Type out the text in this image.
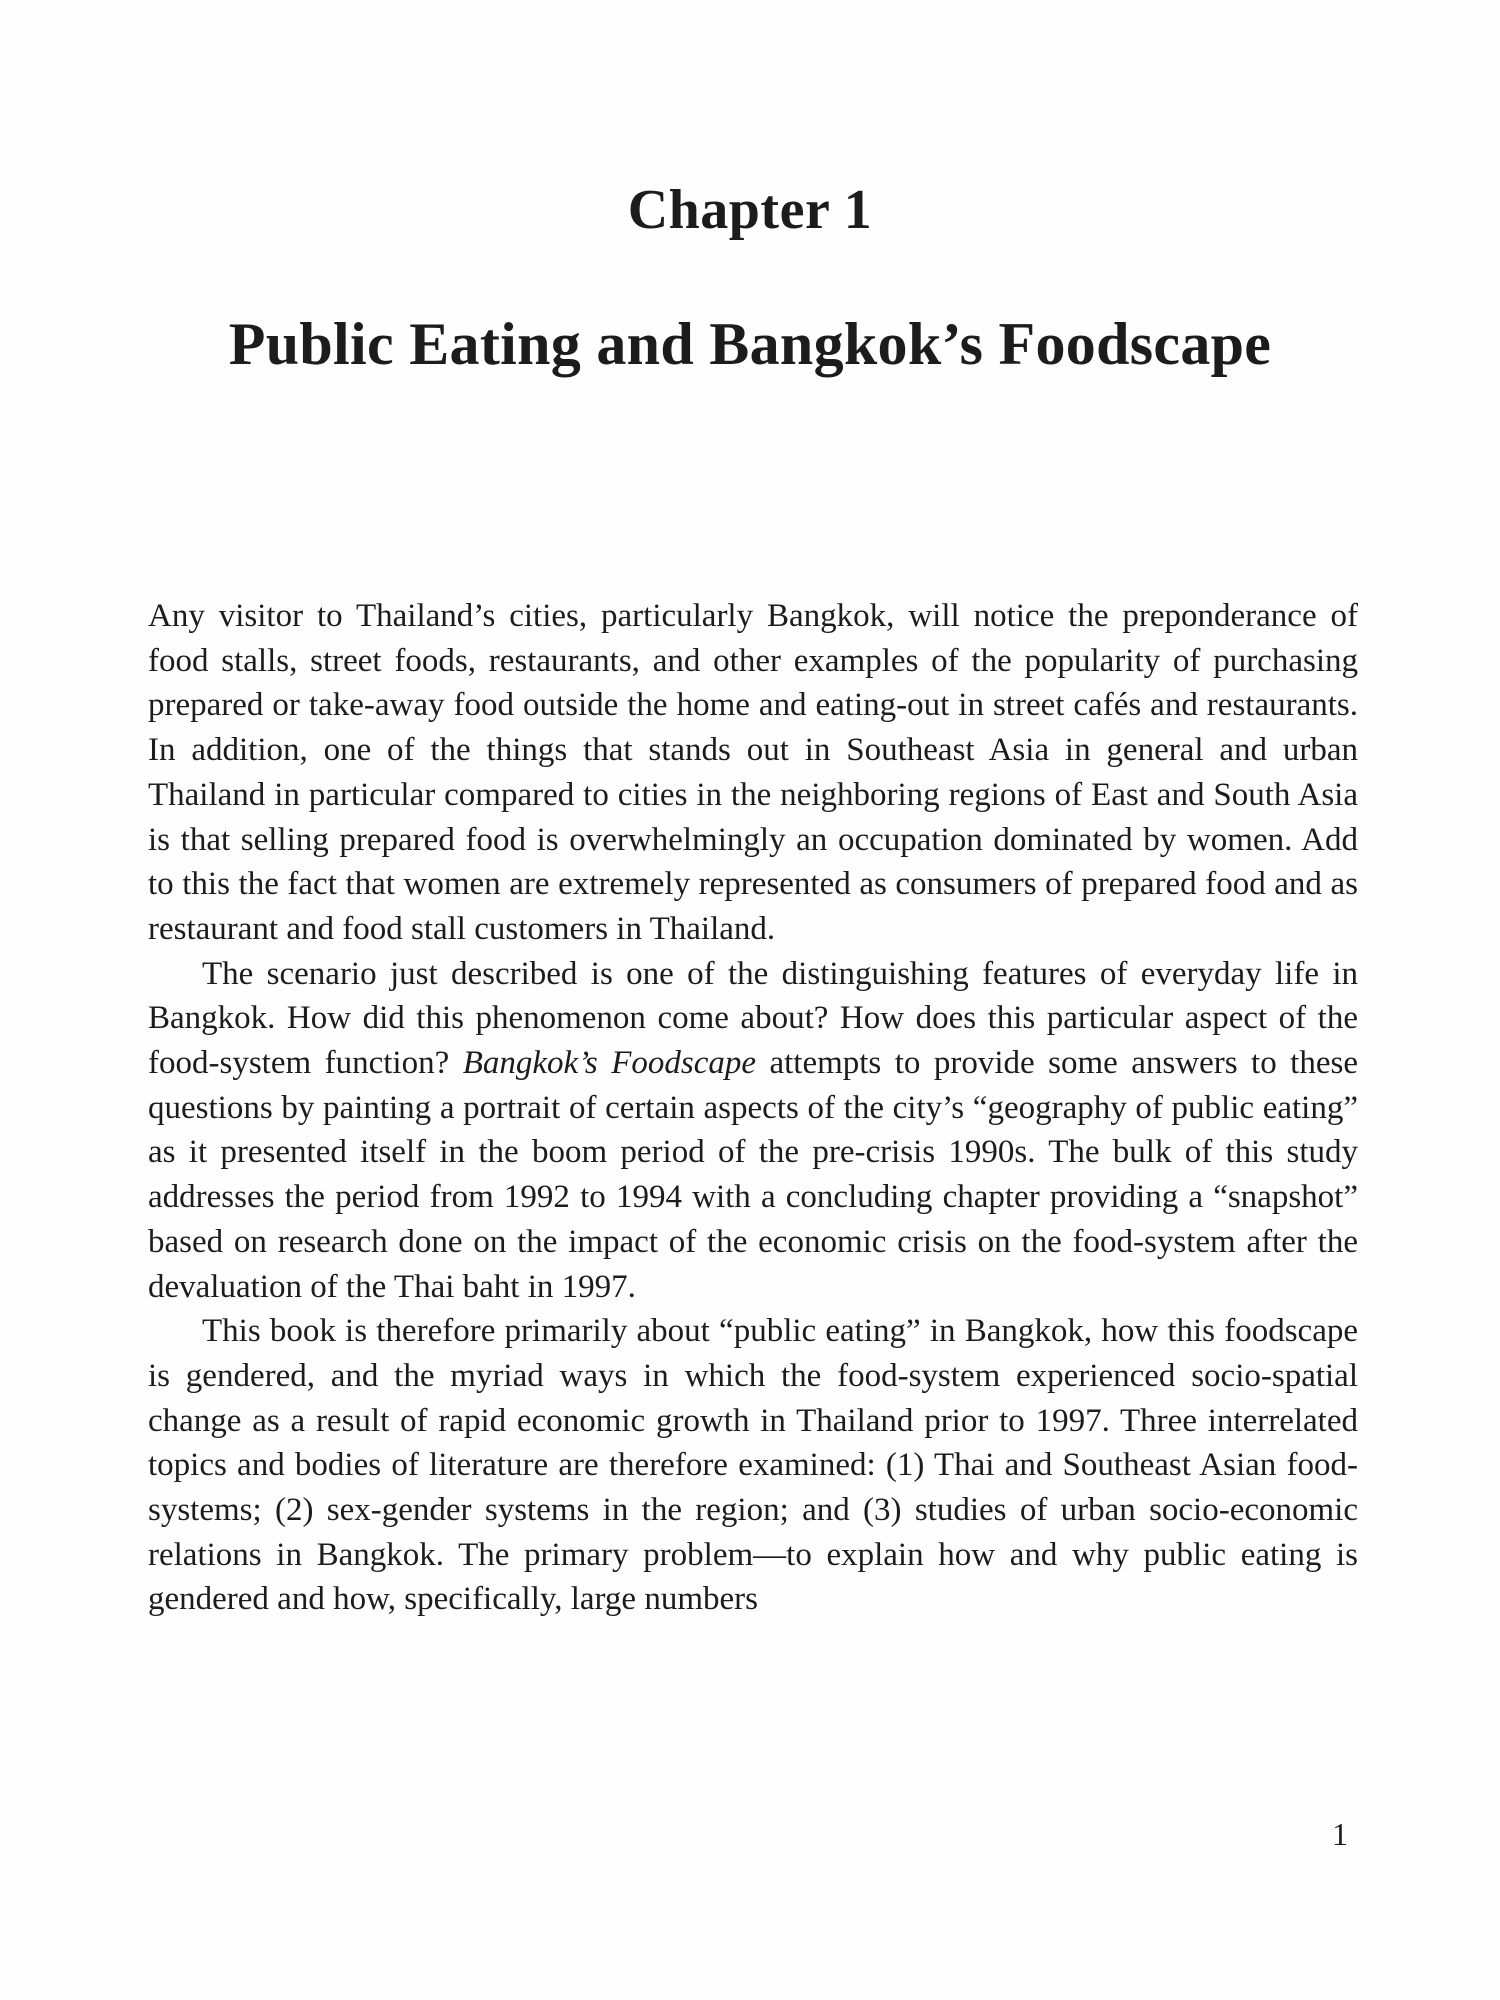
Chapter 1
Public Eating and Bangkok’s Foodscape

Any visitor to Thailand’s cities, particularly Bangkok, will notice the preponderance of food stalls, street foods, restaurants, and other examples of the popularity of purchasing prepared or take-away food outside the home and eating-out in street cafés and restaurants. In addition, one of the things that stands out in Southeast Asia in general and urban Thailand in particular compared to cities in the neighboring regions of East and South Asia is that selling prepared food is overwhelmingly an occupation dominated by women. Add to this the fact that women are extremely represented as consumers of prepared food and as restaurant and food stall customers in Thailand.

The scenario just described is one of the distinguishing features of everyday life in Bangkok. How did this phenomenon come about? How does this particular aspect of the food-system function? Bangkok’s Foodscape attempts to provide some answers to these questions by painting a portrait of certain aspects of the city’s “geography of public eating” as it presented itself in the boom period of the pre-crisis 1990s. The bulk of this study addresses the period from 1992 to 1994 with a concluding chapter providing a “snapshot” based on research done on the impact of the economic crisis on the food-system after the devaluation of the Thai baht in 1997.

This book is therefore primarily about “public eating” in Bangkok, how this foodscape is gendered, and the myriad ways in which the food-system experienced socio-spatial change as a result of rapid economic growth in Thailand prior to 1997. Three interrelated topics and bodies of literature are therefore examined: (1) Thai and Southeast Asian food-systems; (2) sex-gender systems in the region; and (3) studies of urban socio-economic relations in Bangkok. The primary problem—to explain how and why public eating is gendered and how, specifically, large numbers

1
